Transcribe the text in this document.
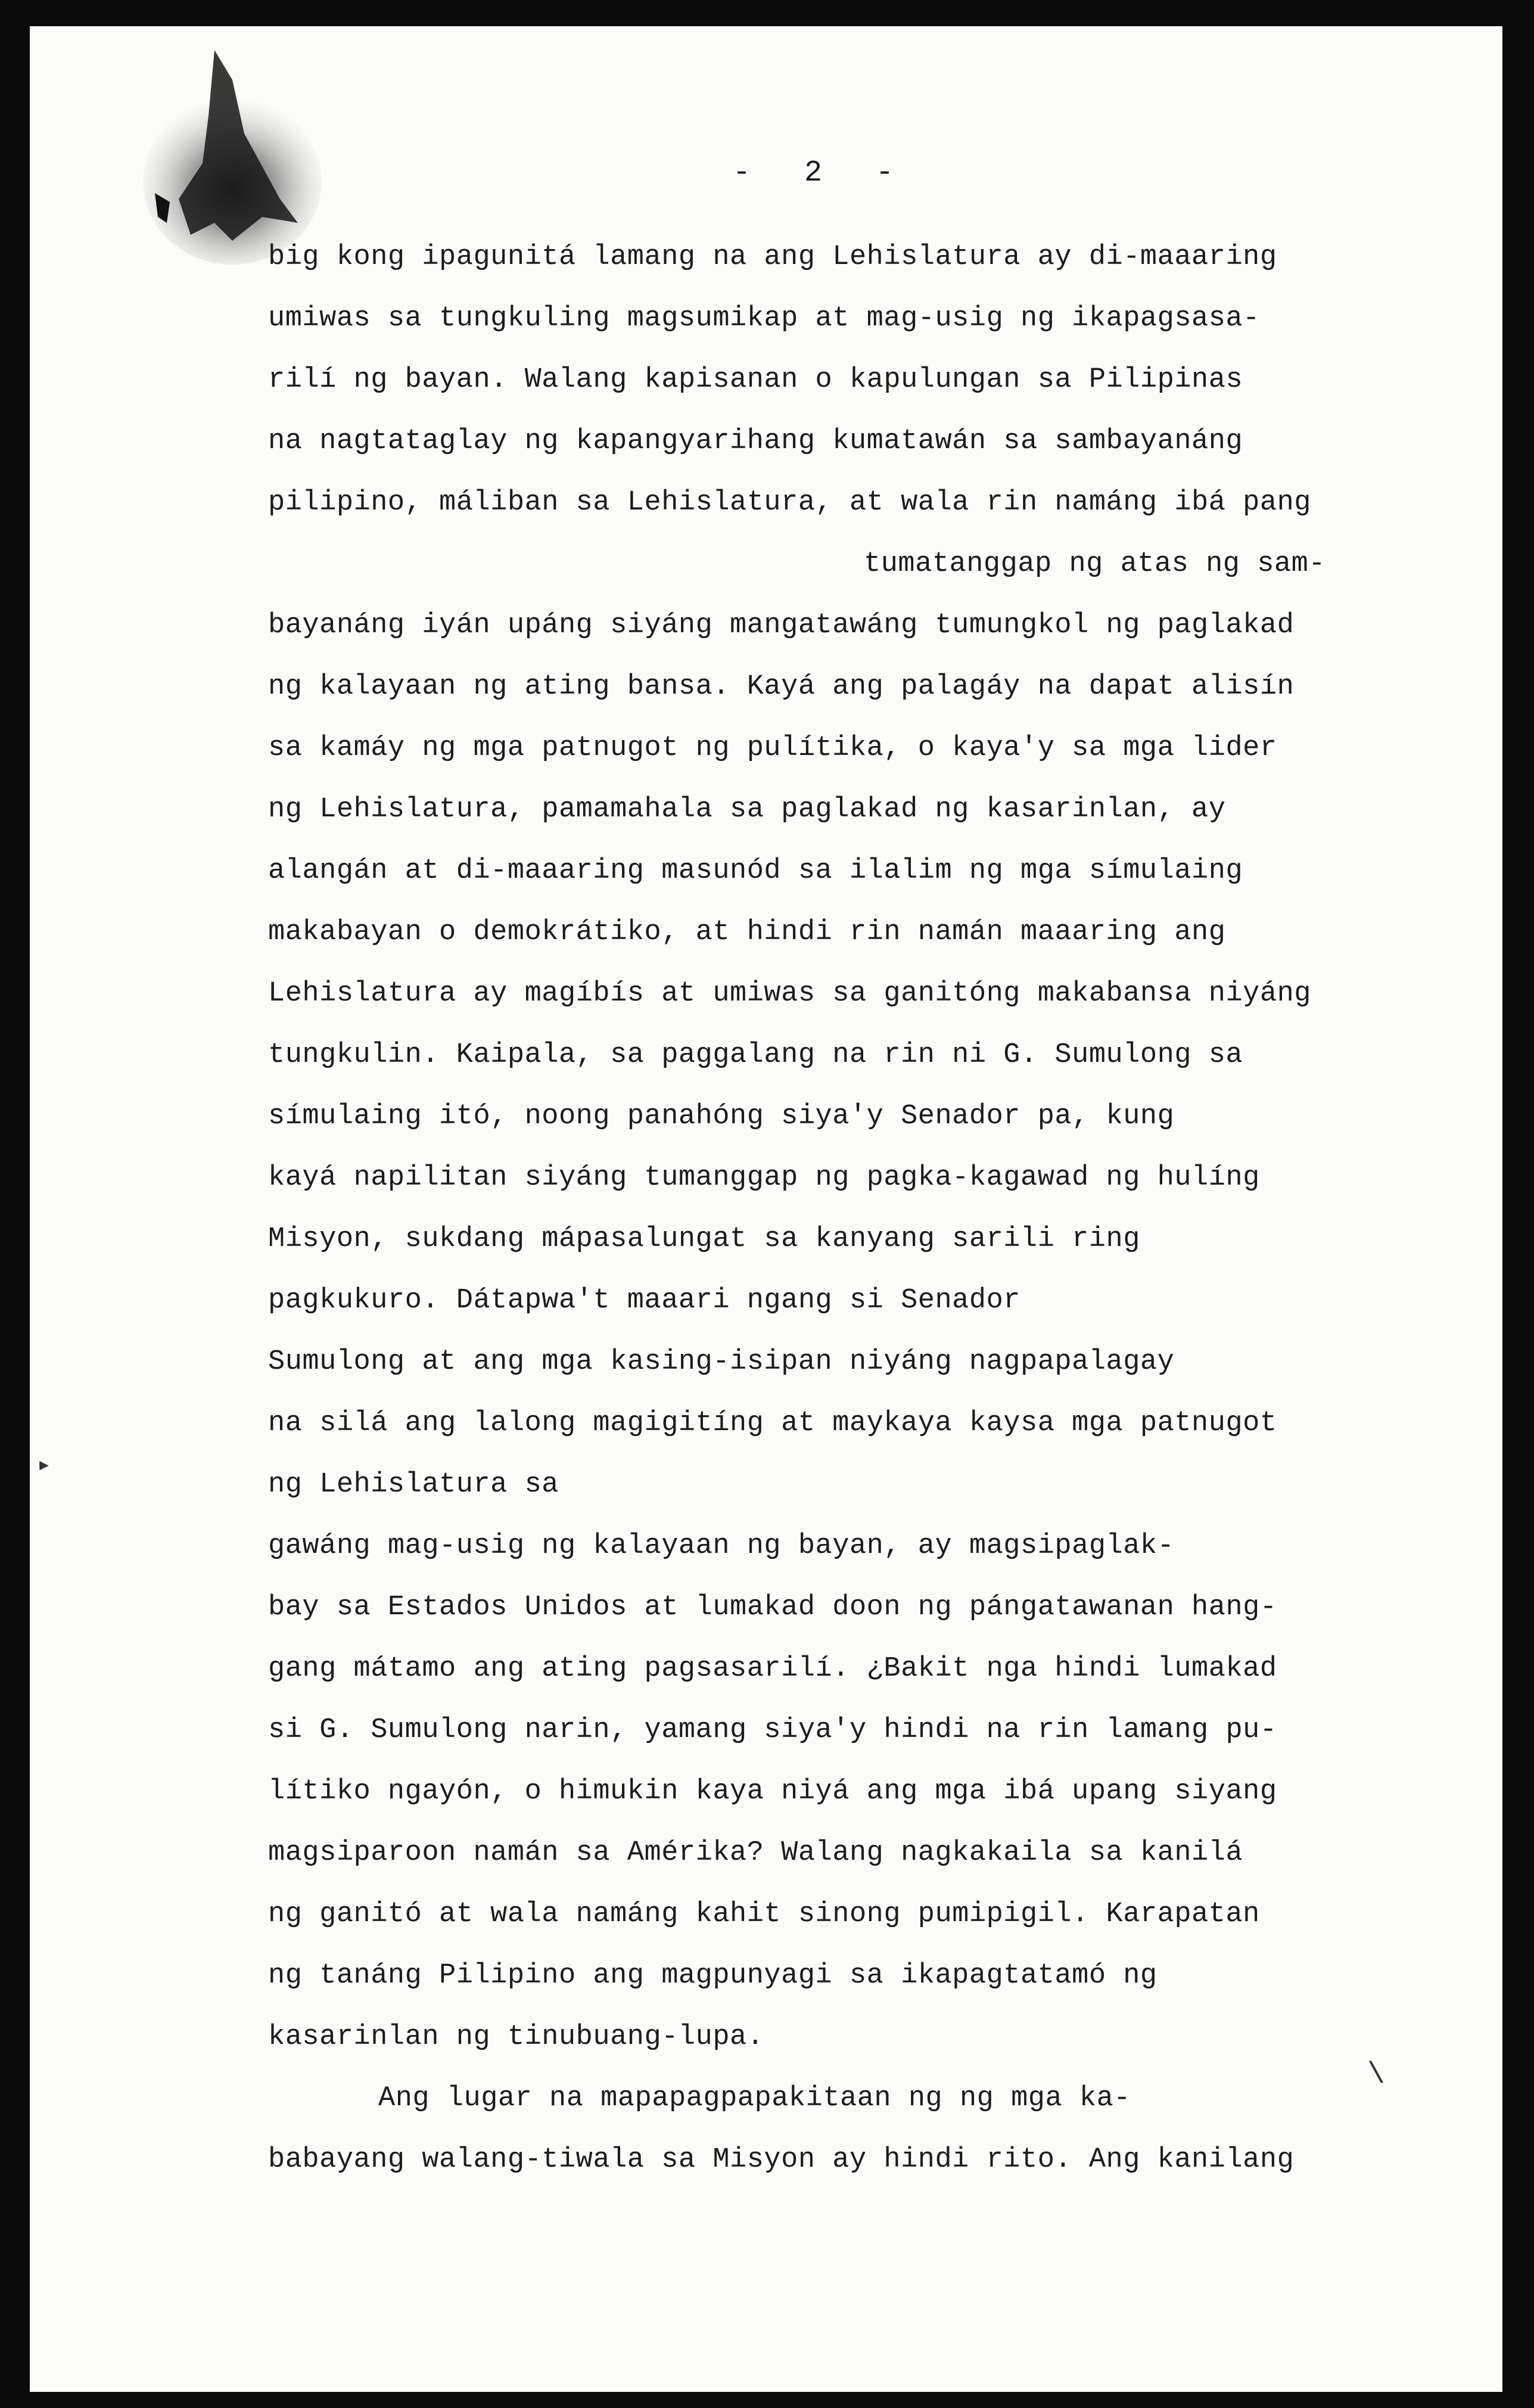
- 2 -
big kong ipagunitá lamang na ang Lehislatura ay di-maaaring
umiwas sa tungkuling magsumikap at mag-usig ng ikapagsasa-
rilí ng bayan. Walang kapisanan o kapulungan sa Pilipinas
na nagtataglay ng kapangyarihang kumatawán sa sambayanáng
pilipino, máliban sa Lehislatura, at wala rin namáng ibá pang
tumatanggap ng atas ng sam-
bayanáng iyán upáng siyáng mangatawáng tumungkol ng paglakad
ng kalayaan ng ating bansa. Kayá ang palagáy na dapat alisín
sa kamáy ng mga patnugot ng pulítika, o kaya'y sa mga lider
ng Lehislatura, pamamahala sa paglakad ng kasarinlan, ay
alangán at di-maaaring masunód sa ilalim ng mga símulaing
makabayan o demokrátiko, at hindi rin namán maaaring ang
Lehislatura ay magíbís at umiwas sa ganitóng makabansa niyáng
tungkulin. Kaipala, sa paggalang na rin ni G. Sumulong sa
símulaing itó, noong panahóng siya'y Senador pa, kung
kayá napilitan siyáng tumanggap ng pagka-kagawad ng hulíng
Misyon, sukdang mápasalungat sa kanyang sarili ring
pagkukuro. Dátapwa't maaari ngang si Senador
Sumulong at ang mga kasing-isipan niyáng nagpapalagay
na silá ang lalong magigitíng at maykaya kaysa mga patnugot
ng Lehislatura sa
gawáng mag-usig ng kalayaan ng bayan, ay magsipaglak-
bay sa Estados Unidos at lumakad doon ng pángatawanan hang-
gang mátamo ang ating pagsasarilí. ¿Bakit nga hindi lumakad
si G. Sumulong narin, yamang siya'y hindi na rin lamang pu-
lítiko ngayón, o himukin kaya niyá ang mga ibá upang siyang
magsiparoon namán sa Amérika? Walang nagkakaila sa kanilá
ng ganitó at wala namáng kahit sinong pumipigil. Karapatan
ng tanáng Pilipino ang magpunyagi sa ikapagtatamó ng
kasarinlan ng tinubuang-lupa.
Ang lugar na mapapagpapakitaan ng ng mga ka-
babayang walang-tiwala sa Misyon ay hindi rito. Ang kanilang
▸
\
